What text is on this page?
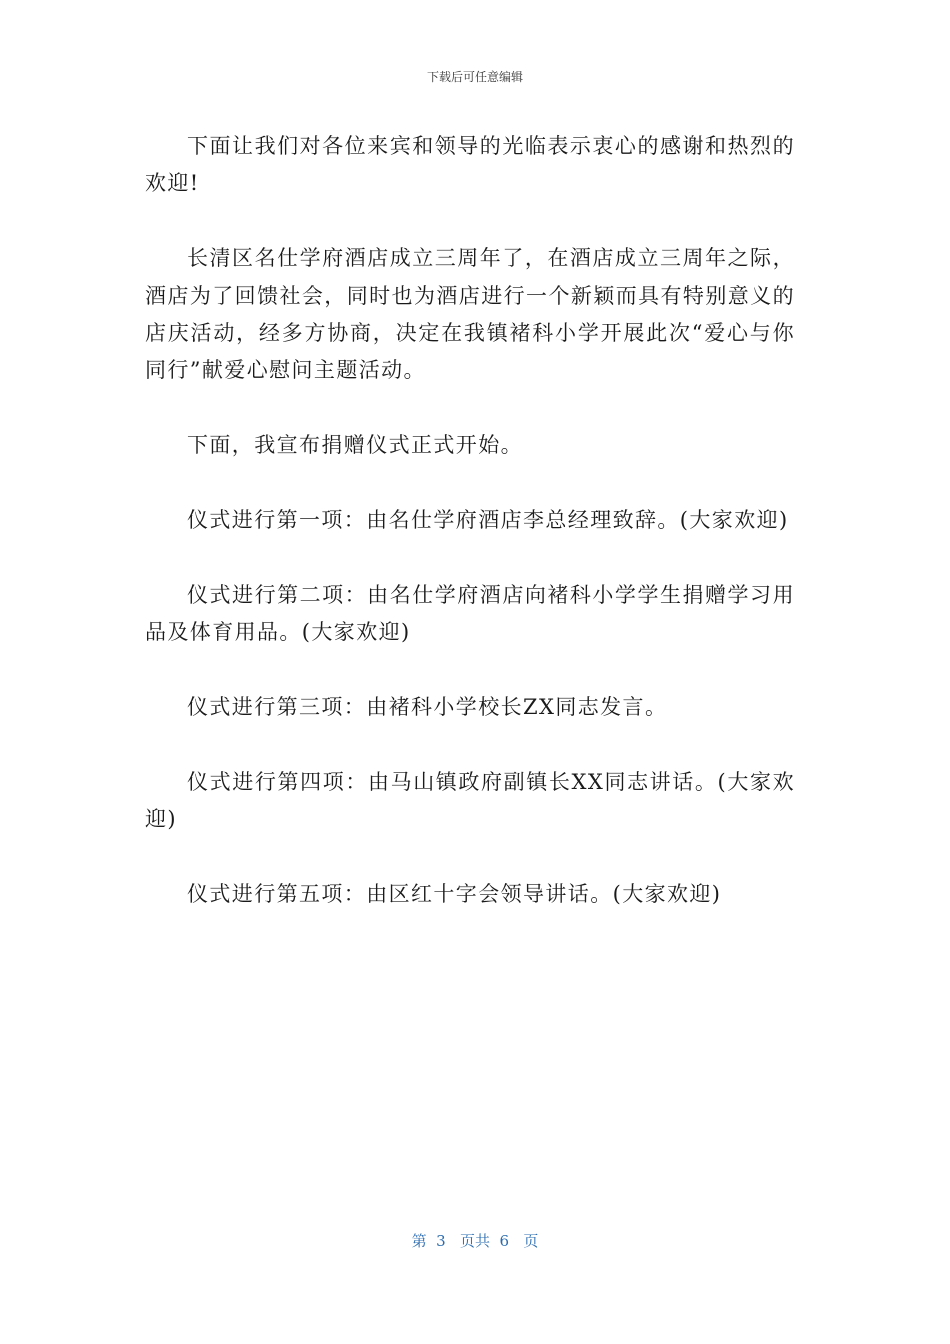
下载后可任意编辑

下面让我们对各位来宾和领导的光临表示衷心的感谢和热烈的欢迎!

长清区名仕学府酒店成立三周年了，在酒店成立三周年之际，酒店为了回馈社会，同时也为酒店进行一个新颖而具有特别意义的店庆活动，经多方协商，决定在我镇褚科小学开展此次“爱心与你同行”献爱心慰问主题活动。

下面，我宣布捐赠仪式正式开始。

仪式进行第一项：由名仕学府酒店李总经理致辞。(大家欢迎)

仪式进行第二项：由名仕学府酒店向褚科小学学生捐赠学习用品及体育用品。(大家欢迎)

仪式进行第三项：由褚科小学校长ZX同志发言。

仪式进行第四项：由马山镇政府副镇长XX同志讲话。(大家欢迎)

仪式进行第五项：由区红十字会领导讲话。(大家欢迎)

第  3   页共  6   页
